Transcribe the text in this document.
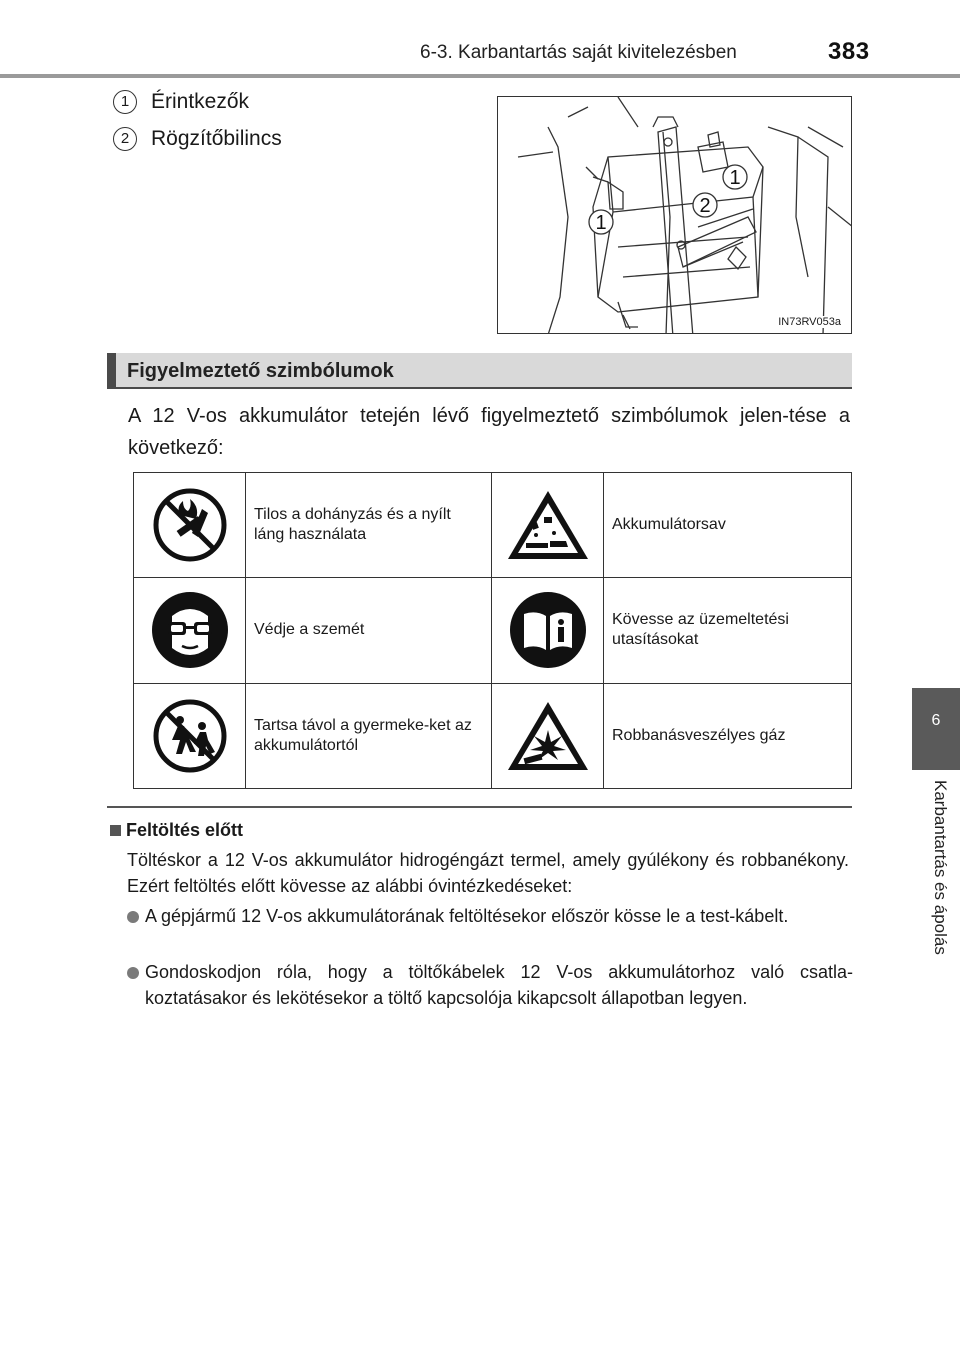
6-3. Karbantartás saját kivitelezésben	383
6
Karbantartás és ápolás
1 Érintkezők
2 Rögzítőbilincs
1
2
1
IN73RV053a
Figyelmeztető szimbólumok
A 12 V-os akkumulátor tetején lévő figyelmeztető szimbólumok jelen-tése a következő:
	Tilos a dohányzás és a nyílt láng használata		Akkumulátorsav

	Védje a szemét		Kövesse az üzemeltetési utasításokat

	Tartsa távol a gyermeke-ket az akkumulátortól		Robbanásveszélyes gáz
Feltöltés előtt
Töltéskor a 12 V-os akkumulátor hidrogéngázt termel, amely gyúlékony és robbanékony. Ezért feltöltés előtt kövesse az alábbi óvintézkedéseket:
A gépjármű 12 V-os akkumulátorának feltöltésekor először kösse le a test-kábelt.
Gondoskodjon róla, hogy a töltőkábelek 12 V-os akkumulátorhoz való csatla-koztatásakor és lekötésekor a töltő kapcsolója kikapcsolt állapotban legyen.
